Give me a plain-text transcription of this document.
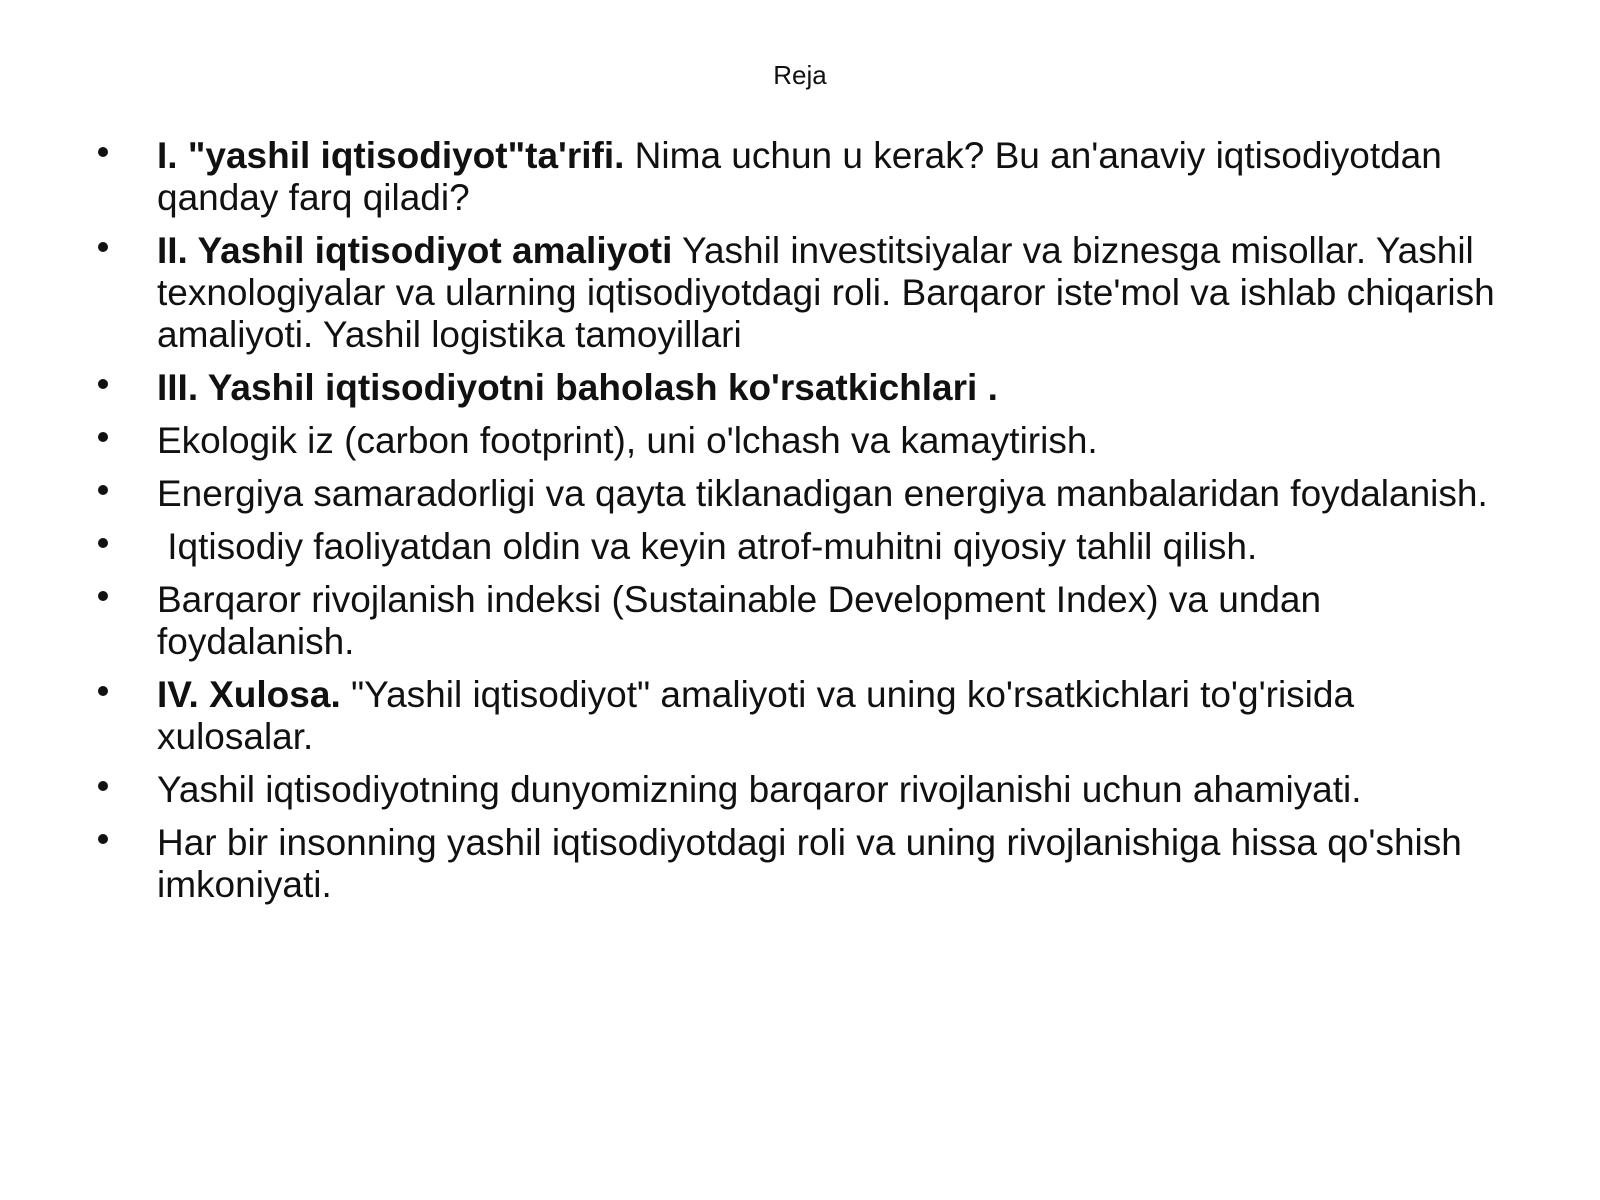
Reja
I. "yashil iqtisodiyot"ta'rifi. Nima uchun u kerak? Bu an'anaviy iqtisodiyotdan qanday farq qiladi?
II. Yashil iqtisodiyot amaliyoti Yashil investitsiyalar va biznesga misollar. Yashil texnologiyalar va ularning iqtisodiyotdagi roli. Barqaror iste'mol va ishlab chiqarish amaliyoti. Yashil logistika tamoyillari
III. Yashil iqtisodiyotni baholash ko'rsatkichlari .
Ekologik iz (carbon footprint), uni o'lchash va kamaytirish.
Energiya samaradorligi va qayta tiklanadigan energiya manbalaridan foydalanish.
Iqtisodiy faoliyatdan oldin va keyin atrof-muhitni qiyosiy tahlil qilish.
Barqaror rivojlanish indeksi (Sustainable Development Index) va undan foydalanish.
IV. Xulosa. "Yashil iqtisodiyot" amaliyoti va uning ko'rsatkichlari to'g'risida xulosalar.
Yashil iqtisodiyotning dunyomizning barqaror rivojlanishi uchun ahamiyati.
Har bir insonning yashil iqtisodiyotdagi roli va uning rivojlanishiga hissa qo'shish imkoniyati.
